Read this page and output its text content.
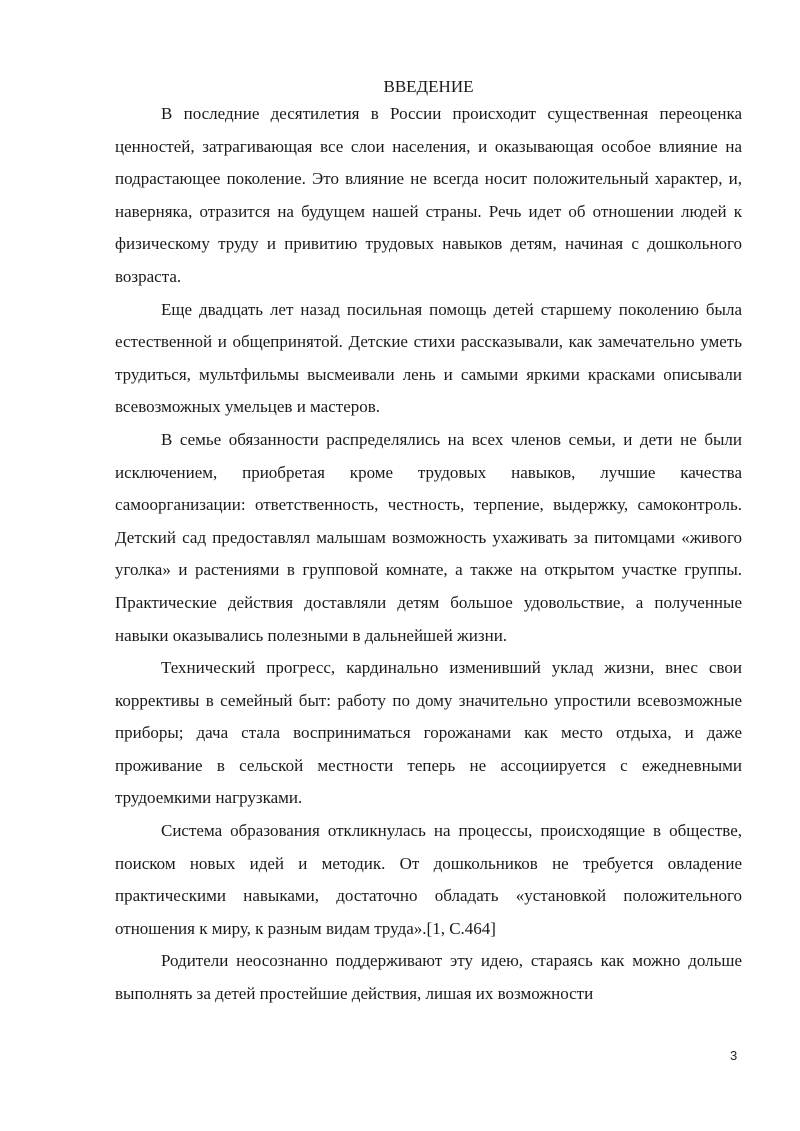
ВВЕДЕНИЕ

В последние десятилетия в России происходит существенная переоценка ценностей, затрагивающая все слои населения, и оказывающая особое влияние на подрастающее поколение. Это влияние не всегда носит положительный характер, и, наверняка, отразится на будущем нашей страны. Речь идет об отношении людей к физическому труду и привитию трудовых навыков детям, начиная с дошкольного возраста.

Еще двадцать лет назад посильная помощь детей старшему поколению была естественной и общепринятой. Детские стихи рассказывали, как замечательно уметь трудиться, мультфильмы высмеивали лень и самыми яркими красками описывали всевозможных умельцев и мастеров.

В семье обязанности распределялись на всех членов семьи, и дети не были исключением, приобретая кроме трудовых навыков, лучшие качества самоорганизации: ответственность, честность, терпение, выдержку, самоконтроль. Детский сад предоставлял малышам возможность ухаживать за питомцами «живого уголка» и растениями в групповой комнате, а также на открытом участке группы. Практические действия доставляли детям большое удовольствие, а полученные навыки оказывались полезными в дальнейшей жизни.

Технический прогресс, кардинально изменивший уклад жизни, внес свои коррективы в семейный быт: работу по дому значительно упростили всевозможные приборы; дача стала восприниматься горожанами как место отдыха, и даже проживание в сельской местности теперь не ассоциируется с ежедневными трудоемкими нагрузками.

Система образования откликнулась на процессы, происходящие в обществе, поиском новых идей и методик. От дошкольников не требуется овладение практическими навыками, достаточно обладать «установкой положительного отношения к миру, к разным видам труда».[1, С.464]

Родители неосознанно поддерживают эту идею, стараясь как можно дольше выполнять за детей простейшие действия, лишая их возможности

3
